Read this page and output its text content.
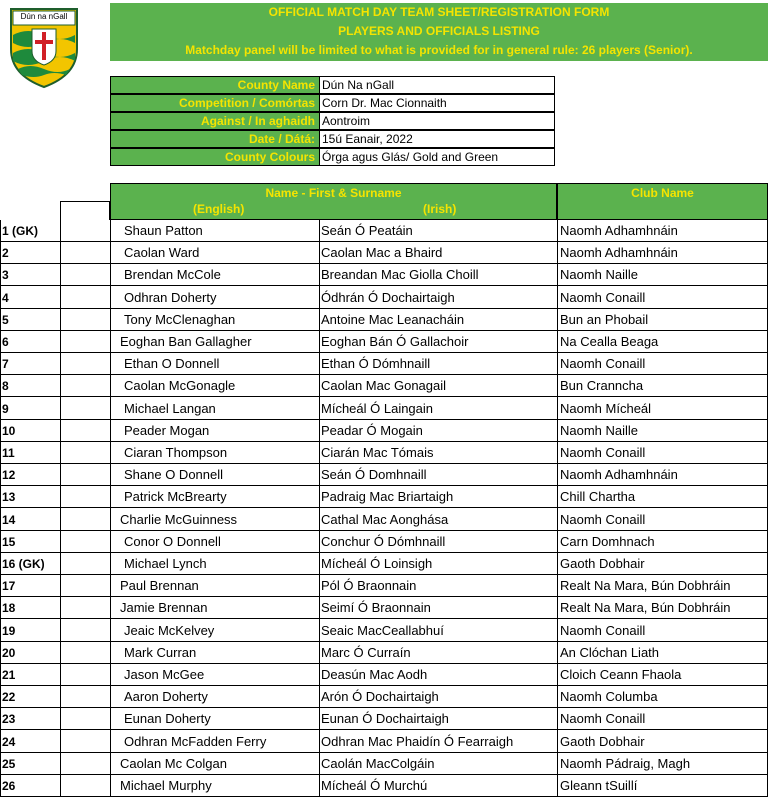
Dún na nGall	OFFICIAL MATCH DAY TEAM SHEET/REGISTRATION FORM
PLAYERS AND OFFICIALS LISTING
Matchday panel will be limited to what is provided for in general rule: 26 players (Senior).
County Name Dún Na nGall
Competition / Comórtas Corn Dr. Mac Cionnaith
Against / In aghaidh Aontroim
Date / Dátá: 15ú Eanair, 2022
County Colours Órga agus Glás/ Gold and Green
Name - First & Surname
(English)	(Irish)
Club Name
1 (GK)	Shaun Patton	Seán Ó Peatáin	Naomh Adhamhnáin
2	Caolan Ward	Caolan Mac a Bhaird	Naomh Adhamhnáin
3	Brendan McCole	Breandan Mac Giolla Choill	Naomh Naille
4	Odhran Doherty	Ódhrán Ó Dochairtaigh	Naomh Conaill
5	Tony McClenaghan	Antoine Mac Leanacháin	Bun an Phobail
6	Eoghan Ban Gallagher	Eoghan Bán Ó Gallachoir	Na Cealla Beaga
7	Ethan O Donnell	Ethan Ó Dómhnaill	Naomh Conaill
8	Caolan McGonagle	Caolan Mac Gonagail	Bun Cranncha
9	Michael Langan	Mícheál Ó Laingain	Naomh Mícheál
10	Peader Mogan	Peadar Ó Mogain	Naomh Naille
11	Ciaran Thompson	Ciarán Mac Tómais	Naomh Conaill
12	Shane O Donnell	Seán Ó Domhnaill	Naomh Adhamhnáin
13	Patrick McBrearty	Padraig Mac Briartaigh	Chill Chartha
14	Charlie McGuinness	Cathal Mac Aonghása	Naomh Conaill
15	Conor O Donnell	Conchur Ó Dómhnaill	Carn Domhnach
16 (GK)	Michael Lynch	Mícheál Ó Loinsigh	Gaoth Dobhair
17	Paul Brennan	Pól Ó Braonnain	Realt Na Mara, Bún Dobhráin
18	Jamie Brennan	Seimí Ó Braonnain	Realt Na Mara, Bún Dobhráin
19	Jeaic McKelvey	Seaic MacCeallabhuí	Naomh Conaill
20	Mark Curran	Marc Ó Curraín	An Clóchan Liath
21	Jason McGee	Deasún Mac Aodh	Cloich Ceann Fhaola
22	Aaron Doherty	Arón Ó Dochairtaigh	Naomh Columba
23	Eunan Doherty	Eunan Ó Dochairtaigh	Naomh Conaill
24	Odhran McFadden Ferry	Odhran Mac Phaidín Ó Fearraigh	Gaoth Dobhair
25	Caolan Mc Colgan	Caolán MacColgáin	Naomh Pádraig, Magh
26	Michael Murphy	Mícheál Ó Murchú	Gleann tSuillí
